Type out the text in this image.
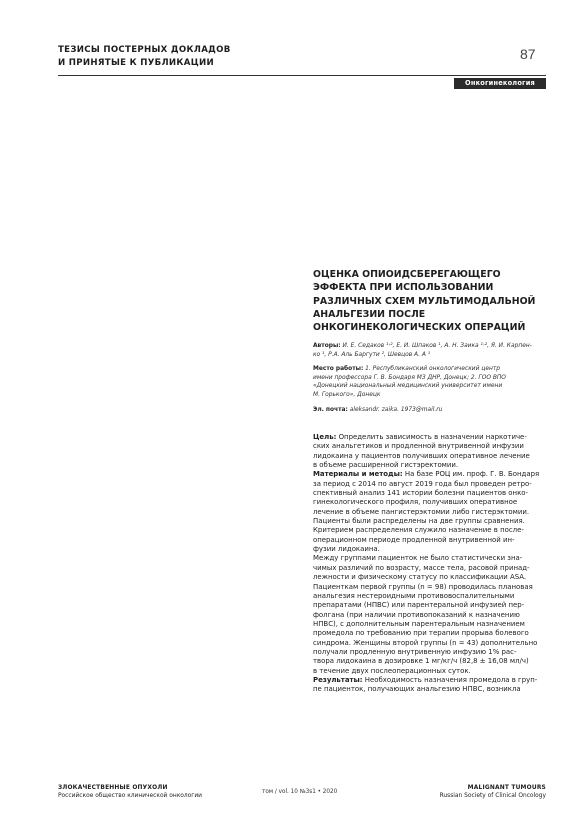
ТЕЗИСЫ ПОСТЕРНЫХ ДОКЛАДОВ
И ПРИНЯТЫЕ К ПУБЛИКАЦИИ
87
Онкогинекология
ОЦЕНКА ОПИОИДСБЕРЕГАЮЩЕГО
ЭФФЕКТА ПРИ ИСПОЛЬЗОВАНИИ
РАЗЛИЧНЫХ СХЕМ МУЛЬТИМОДАЛЬНОЙ
АНАЛЬГЕЗИИ ПОСЛЕ
ОНКОГИНЕКОЛОГИЧЕСКИХ ОПЕРАЦИЙ
Авторы: И. Е. Седаков ¹˒², Е. И. Шпаков ¹, А. Н. Заика ¹˒², Я. И. Карпен-
ко ¹, Р.А. Аль Баргути ², Шевцов А. А ¹
Место работы: 1. Республиканский онкологический центр
имени профессора Г. В. Бондаря МЗ ДНР, Донецк; 2. ГОО ВПО
«Донецкий национальный медицинский университет имени
М. Горького», Донецк
Эл. почта: aleksandr. zaika. 1973@mail.ru

Цель: Определить зависимость в назначении наркотиче-
ских анальгетиков и продленной внутривенной инфузии
лидокаина у пациентов получивших оперативное лечение
в объеме расширенной гистэректомии.

Материалы и методы: На базе РОЦ им. проф. Г. В. Бондаря
за период с 2014 по август 2019 года был проведен ретро-
спективный анализ 141 истории болезни пациентов онко-
гинекологического профиля, получивших оперативное
лечение в объеме пангистерэктомии либо гистерэктомии.
Пациенты были распределены на две группы сравнения.
Критерием распределения служило назначение в после-
операционном периоде продленной внутривенной ин-
фузии лидокаина.
Между группами пациенток не было статистически зна-
чимых различий по возрасту, массе тела, расовой принад-
лежности и физическому статусу по классификации ASA.
Пациенткам первой группы (n = 98) проводилась плановая
анальгезия нестероидными противовоспалительными
препаратами (НПВС) или парентеральной инфузией пер-
фолгана (при наличии противопоказаний к назначению
НПВС), с дополнительным парентеральным назначением
промедола по требованию при терапии прорыва болевого
синдрома. Женщины второй группы (n = 43) дополнительно
получали продленную внутривенную инфузию 1% рас-
твора лидокаина в дозировке 1 мг/кг/ч (82,8 ± 16,08 мл/ч)
в течение двух послеоперационных суток.

Результаты: Необходимость назначения промедола в груп-
пе пациенток, получающих анальгезию НПВС, возникла

ЗЛОКАЧЕСТВЕННЫЕ ОПУХОЛИ
Российское общество клинической онкологии
том / vol. 10 №3s1 • 2020
MALIGNANT TUMOURS
Russian Society of Clinical Oncology
